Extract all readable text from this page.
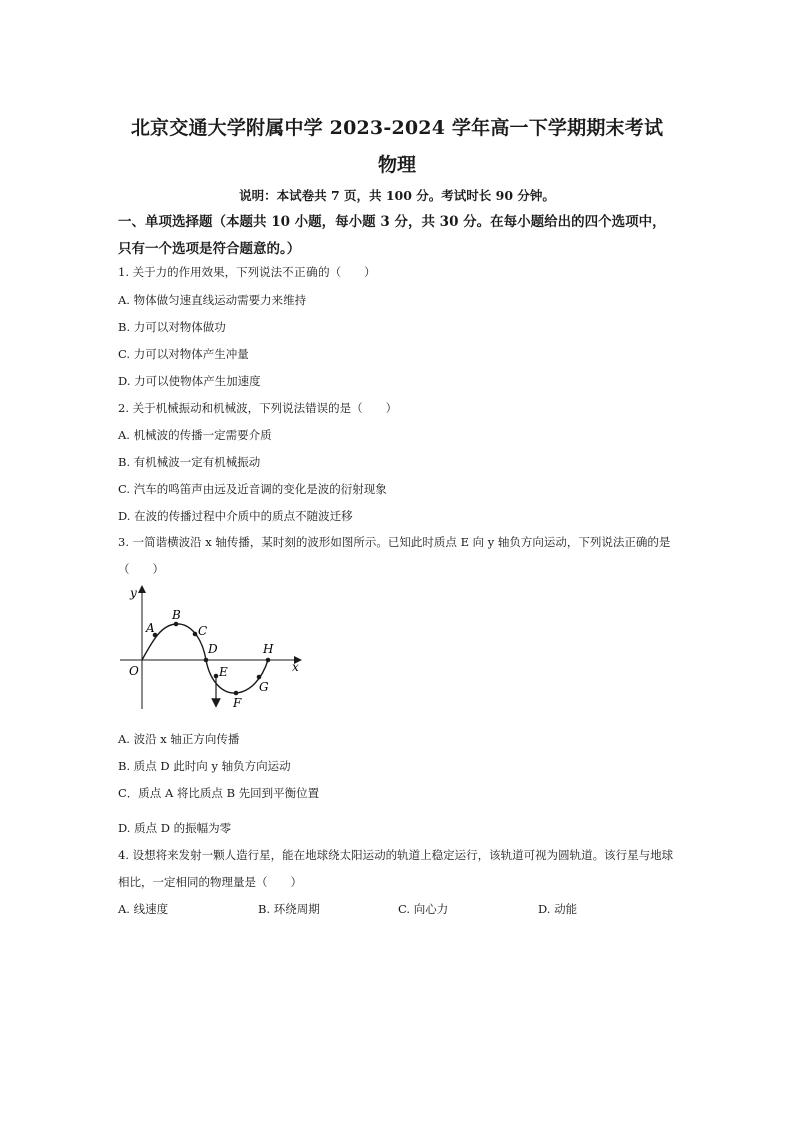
北京交通大学附属中学 2023-2024 学年高一下学期期末考试
物理
说明：本试卷共 7 页，共 100 分。考试时长 90 分钟。
一、单项选择题（本题共 10 小题，每小题 3 分，共 30 分。在每小题给出的四个选项中，只有一个选项是符合题意的。）
1. 关于力的作用效果，下列说法不正确的（　　）
A. 物体做匀速直线运动需要力来维持
B. 力可以对物体做功
C. 力可以对物体产生冲量
D. 力可以使物体产生加速度
2. 关于机械振动和机械波，下列说法错误的是（　　）
A. 机械波的传播一定需要介质
B. 有机械波一定有机械振动
C. 汽车的鸣笛声由远及近音调的变化是波的衍射现象
D. 在波的传播过程中介质中的质点不随波迁移
3. 一简谐横波沿 x 轴传播，某时刻的波形如图所示。已知此时质点 E 向 y 轴负方向运动，下列说法正确的是（　　）
y
x
O
A
B
C
D
E
F
G
H
A. 波沿 x 轴正方向传播
B. 质点 D 此时向 y 轴负方向运动
C．质点 A 将比质点 B 先回到平衡位置
D. 质点 D 的振幅为零
4. 设想将来发射一颗人造行星，能在地球绕太阳运动的轨道上稳定运行，该轨道可视为圆轨道。该行星与地球相比，一定相同的物理量是（　　）
A. 线速度	B. 环绕周期	C. 向心力	D. 动能
